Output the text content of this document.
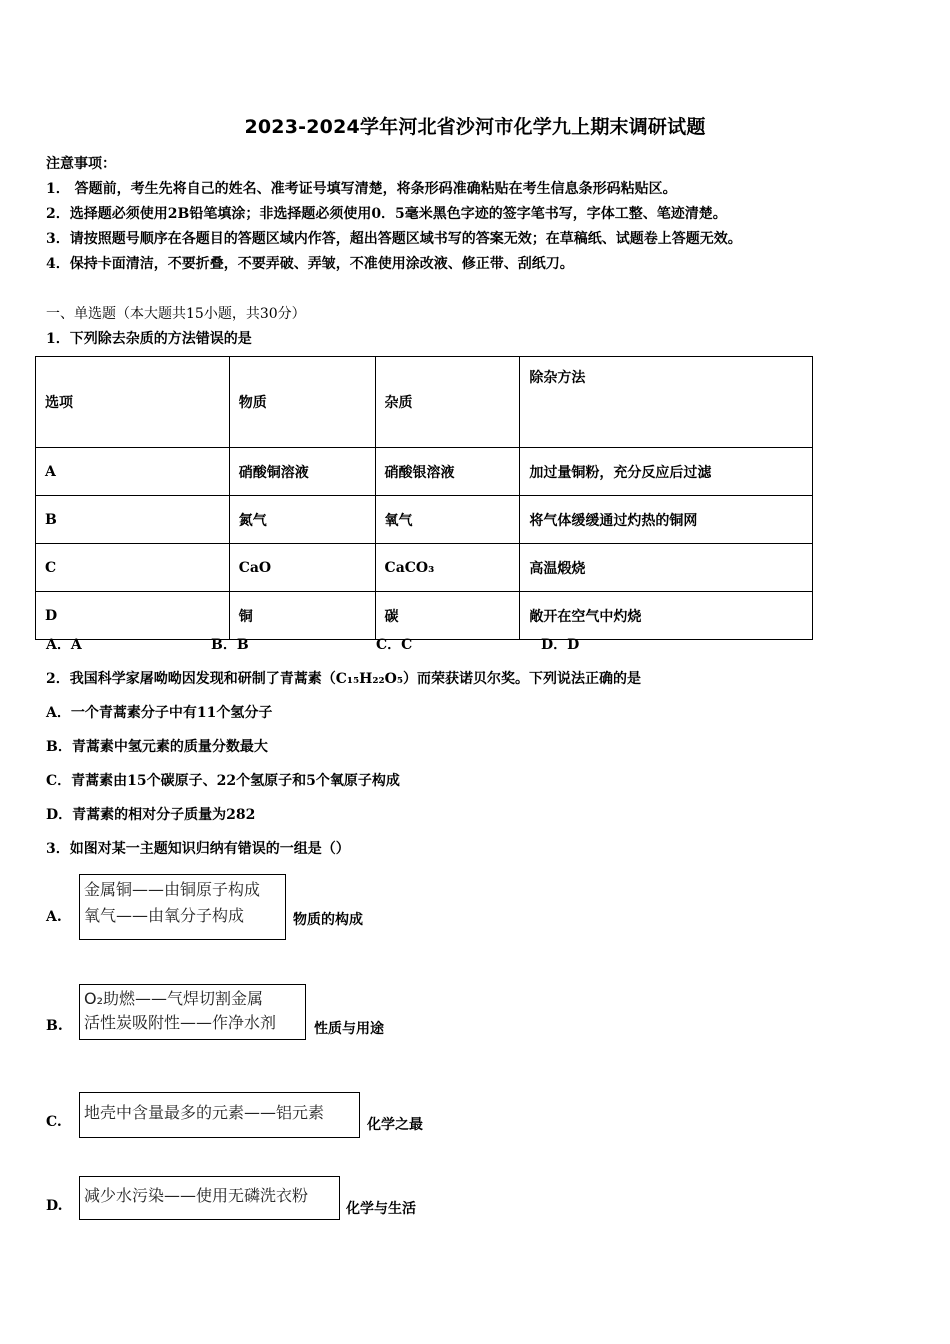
2023-2024学年河北省沙河市化学九上期末调研试题
注意事项：
1． 答题前，考生先将自己的姓名、准考证号填写清楚，将条形码准确粘贴在考生信息条形码粘贴区。
2．选择题必须使用2B铅笔填涂；非选择题必须使用0．5毫米黑色字迹的签字笔书写，字体工整、笔迹清楚。
3．请按照题号顺序在各题目的答题区域内作答，超出答题区域书写的答案无效；在草稿纸、试题卷上答题无效。
4．保持卡面清洁，不要折叠，不要弄破、弄皱，不准使用涂改液、修正带、刮纸刀。
一、单选题（本大题共15小题，共30分）
1．下列除去杂质的方法错误的是
选项	物质	杂质	除杂方法
A	硝酸铜溶液	硝酸银溶液	加过量铜粉，充分反应后过滤
B	氮气	氧气	将气体缓缓通过灼热的铜网
C	CaO	CaCO₃	高温煅烧
D	铜	碳	敞开在空气中灼烧
A．A	B．B	C．C	D．D
2．我国科学家屠呦呦因发现和研制了青蒿素（C₁₅H₂₂O₅）而荣获诺贝尔奖。下列说法正确的是
A．一个青蒿素分子中有11个氢分子
B．青蒿素中氢元素的质量分数最大
C．青蒿素由15个碳原子、22个氢原子和5个氧原子构成
D．青蒿素的相对分子质量为282
3．如图对某一主题知识归纳有错误的一组是（）
A.
金属铜——由铜原子构成
氧气——由氧分子构成	物质的构成
B.
O₂助燃——气焊切割金属
活性炭吸附性——作净水剂	性质与用途
C. 地壳中含量最多的元素——铝元素
化学之最
D.
减少水污染——使用无磷洗衣粉
化学与生活
